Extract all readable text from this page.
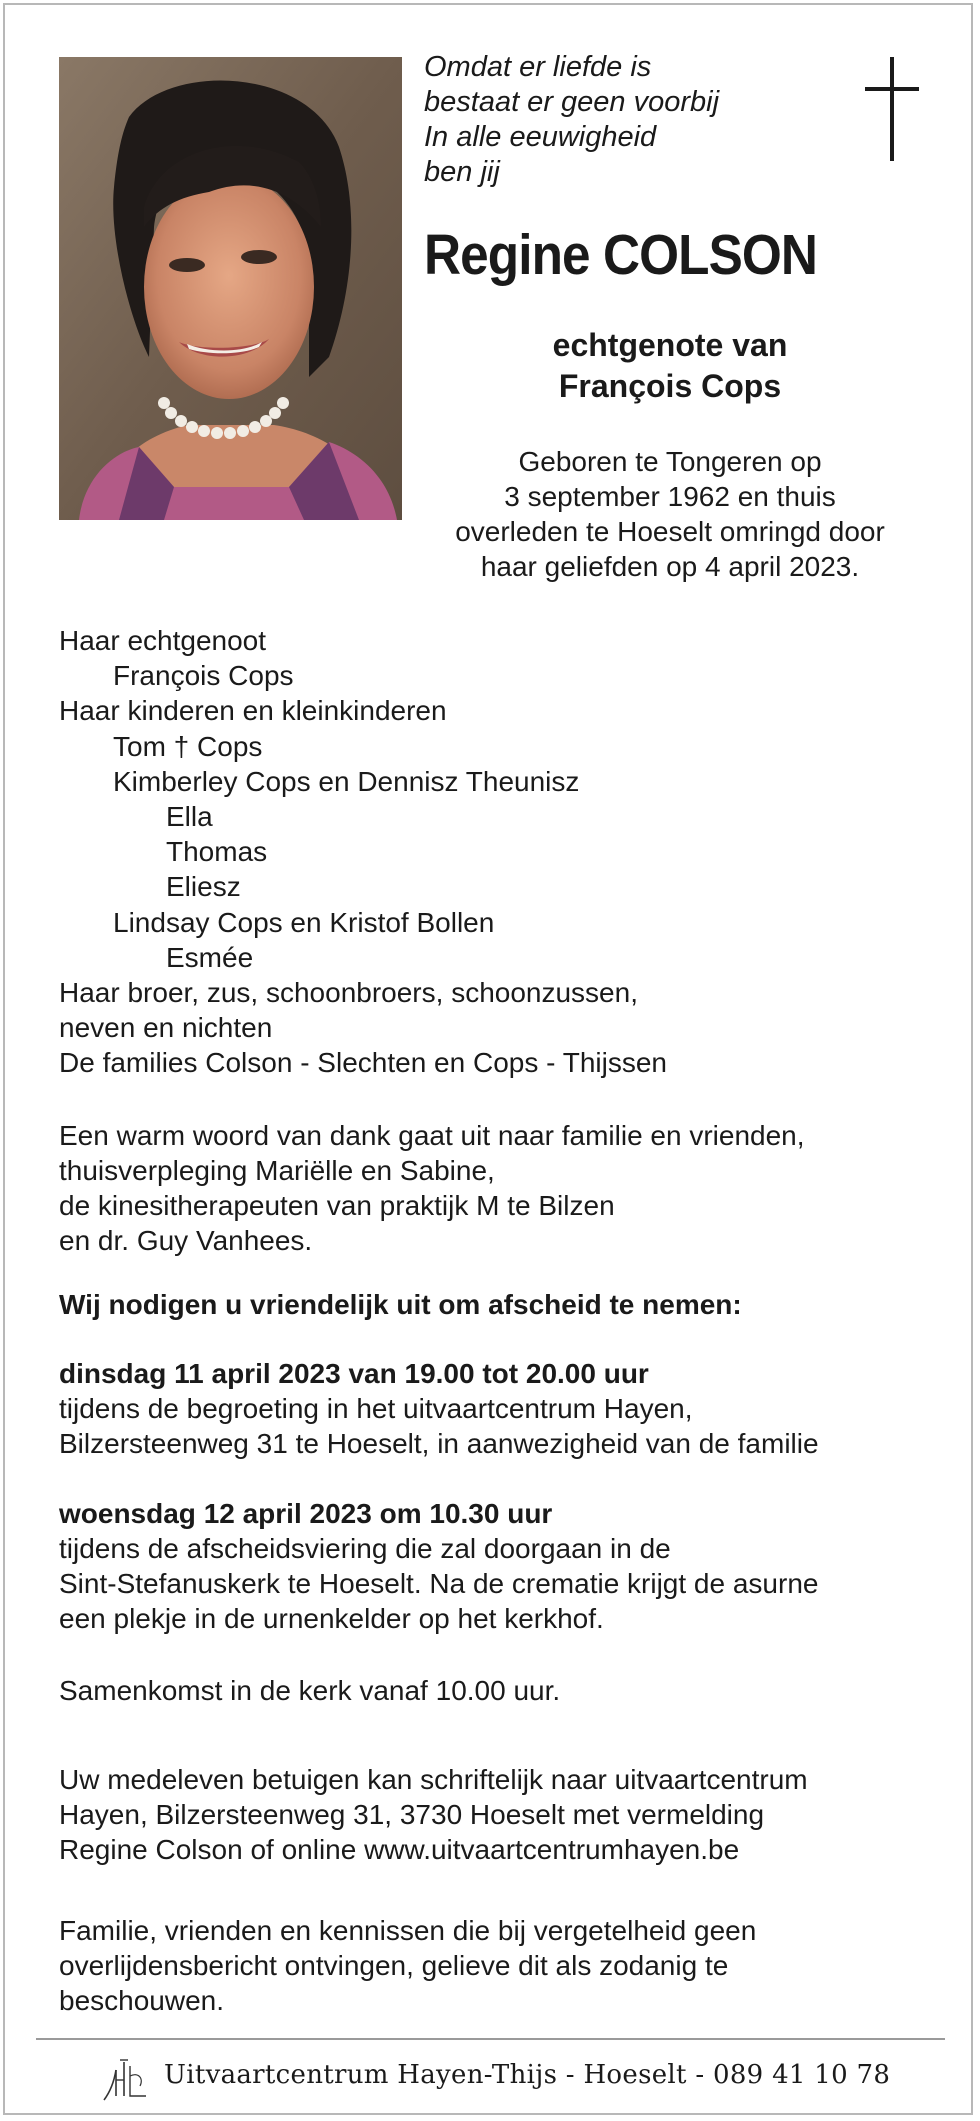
Omdat er liefde is
bestaat er geen voorbij
In alle eeuwigheid
ben jij
Regine COLSON
echtgenote van
François Cops
Geboren te Tongeren op
3 september 1962 en thuis
overleden te Hoeselt omringd door
haar geliefden op 4 april 2023.
Haar echtgenoot
François Cops
Haar kinderen en kleinkinderen
Tom † Cops
Kimberley Cops en Dennisz Theunisz
Ella
Thomas
Eliesz
Lindsay Cops en Kristof Bollen
Esmée
Haar broer, zus, schoonbroers, schoonzussen,
neven en nichten
De families Colson - Slechten en Cops - Thijssen
Een warm woord van dank gaat uit naar familie en vrienden,
thuisverpleging Mariëlle en Sabine,
de kinesitherapeuten van praktijk M te Bilzen
en dr. Guy Vanhees.
Wij nodigen u vriendelijk uit om afscheid te nemen:
dinsdag 11 april 2023 van 19.00 tot 20.00 uur
tijdens de begroeting in het uitvaartcentrum Hayen,
Bilzersteenweg 31 te Hoeselt, in aanwezigheid van de familie
woensdag 12 april 2023 om 10.30 uur
tijdens de afscheidsviering die zal doorgaan in de
Sint-Stefanuskerk te Hoeselt. Na de crematie krijgt de asurne
een plekje in de urnenkelder op het kerkhof.
Samenkomst in de kerk vanaf 10.00 uur.
Uw medeleven betuigen kan schriftelijk naar uitvaartcentrum
Hayen, Bilzersteenweg 31, 3730 Hoeselt met vermelding
Regine Colson of online www.uitvaartcentrumhayen.be
Familie, vrienden en kennissen die bij vergetelheid geen
overlijdensbericht ontvingen, gelieve dit als zodanig te
beschouwen.
Uitvaartcentrum Hayen-Thijs - Hoeselt - 089 41 10 78
